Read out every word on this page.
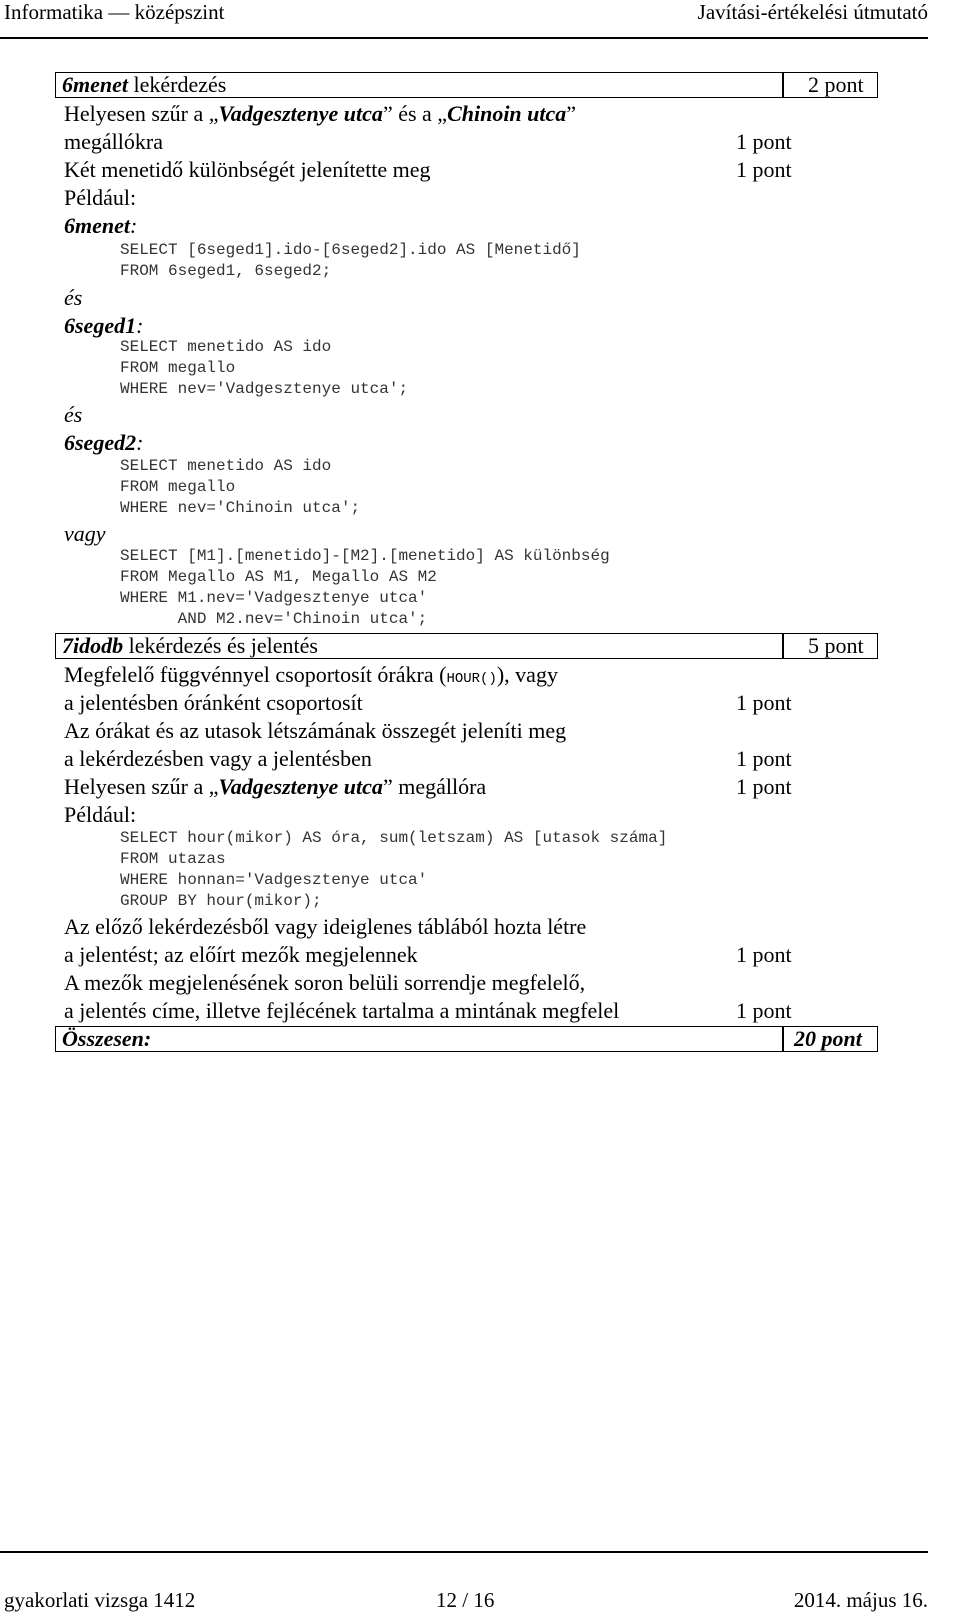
Informatika — középszint	Javítási-értékelési útmutató
6menet lekérdezés	2 pont
Helyesen szűr a „Vadgesztenye utca” és a „Chinoin utca”
megállókra	1 pont
Két menetidő különbségét jelenítette meg	1 pont
Például:
6menet:
SELECT [6seged1].ido-[6seged2].ido AS [Menetidő]
FROM 6seged1, 6seged2;
és
6seged1:
SELECT menetido AS ido
FROM megallo
WHERE nev='Vadgesztenye utca';
és
6seged2:
SELECT menetido AS ido
FROM megallo
WHERE nev='Chinoin utca';
vagy
SELECT [M1].[menetido]-[M2].[menetido] AS különbség
FROM Megallo AS M1, Megallo AS M2
WHERE M1.nev='Vadgesztenye utca'
AND M2.nev='Chinoin utca';
7idodb lekérdezés és jelentés	5 pont
Megfelelő függvénnyel csoportosít órákra (HOUR()), vagy
a jelentésben óránként csoportosít	1 pont
Az órákat és az utasok létszámának összegét jeleníti meg
a lekérdezésben vagy a jelentésben	1 pont
Helyesen szűr a „Vadgesztenye utca” megállóra	1 pont
Például:
SELECT hour(mikor) AS óra, sum(letszam) AS [utasok száma]
FROM utazas
WHERE honnan='Vadgesztenye utca'
GROUP BY hour(mikor);
Az előző lekérdezésből vagy ideiglenes táblából hozta létre
a jelentést; az előírt mezők megjelennek	1 pont
A mezők megjelenésének soron belüli sorrendje megfelelő,
a jelentés címe, illetve fejlécének tartalma a mintának megfelel	1 pont
Összesen:	20 pont
gyakorlati vizsga 1412	12 / 16	2014. május 16.
